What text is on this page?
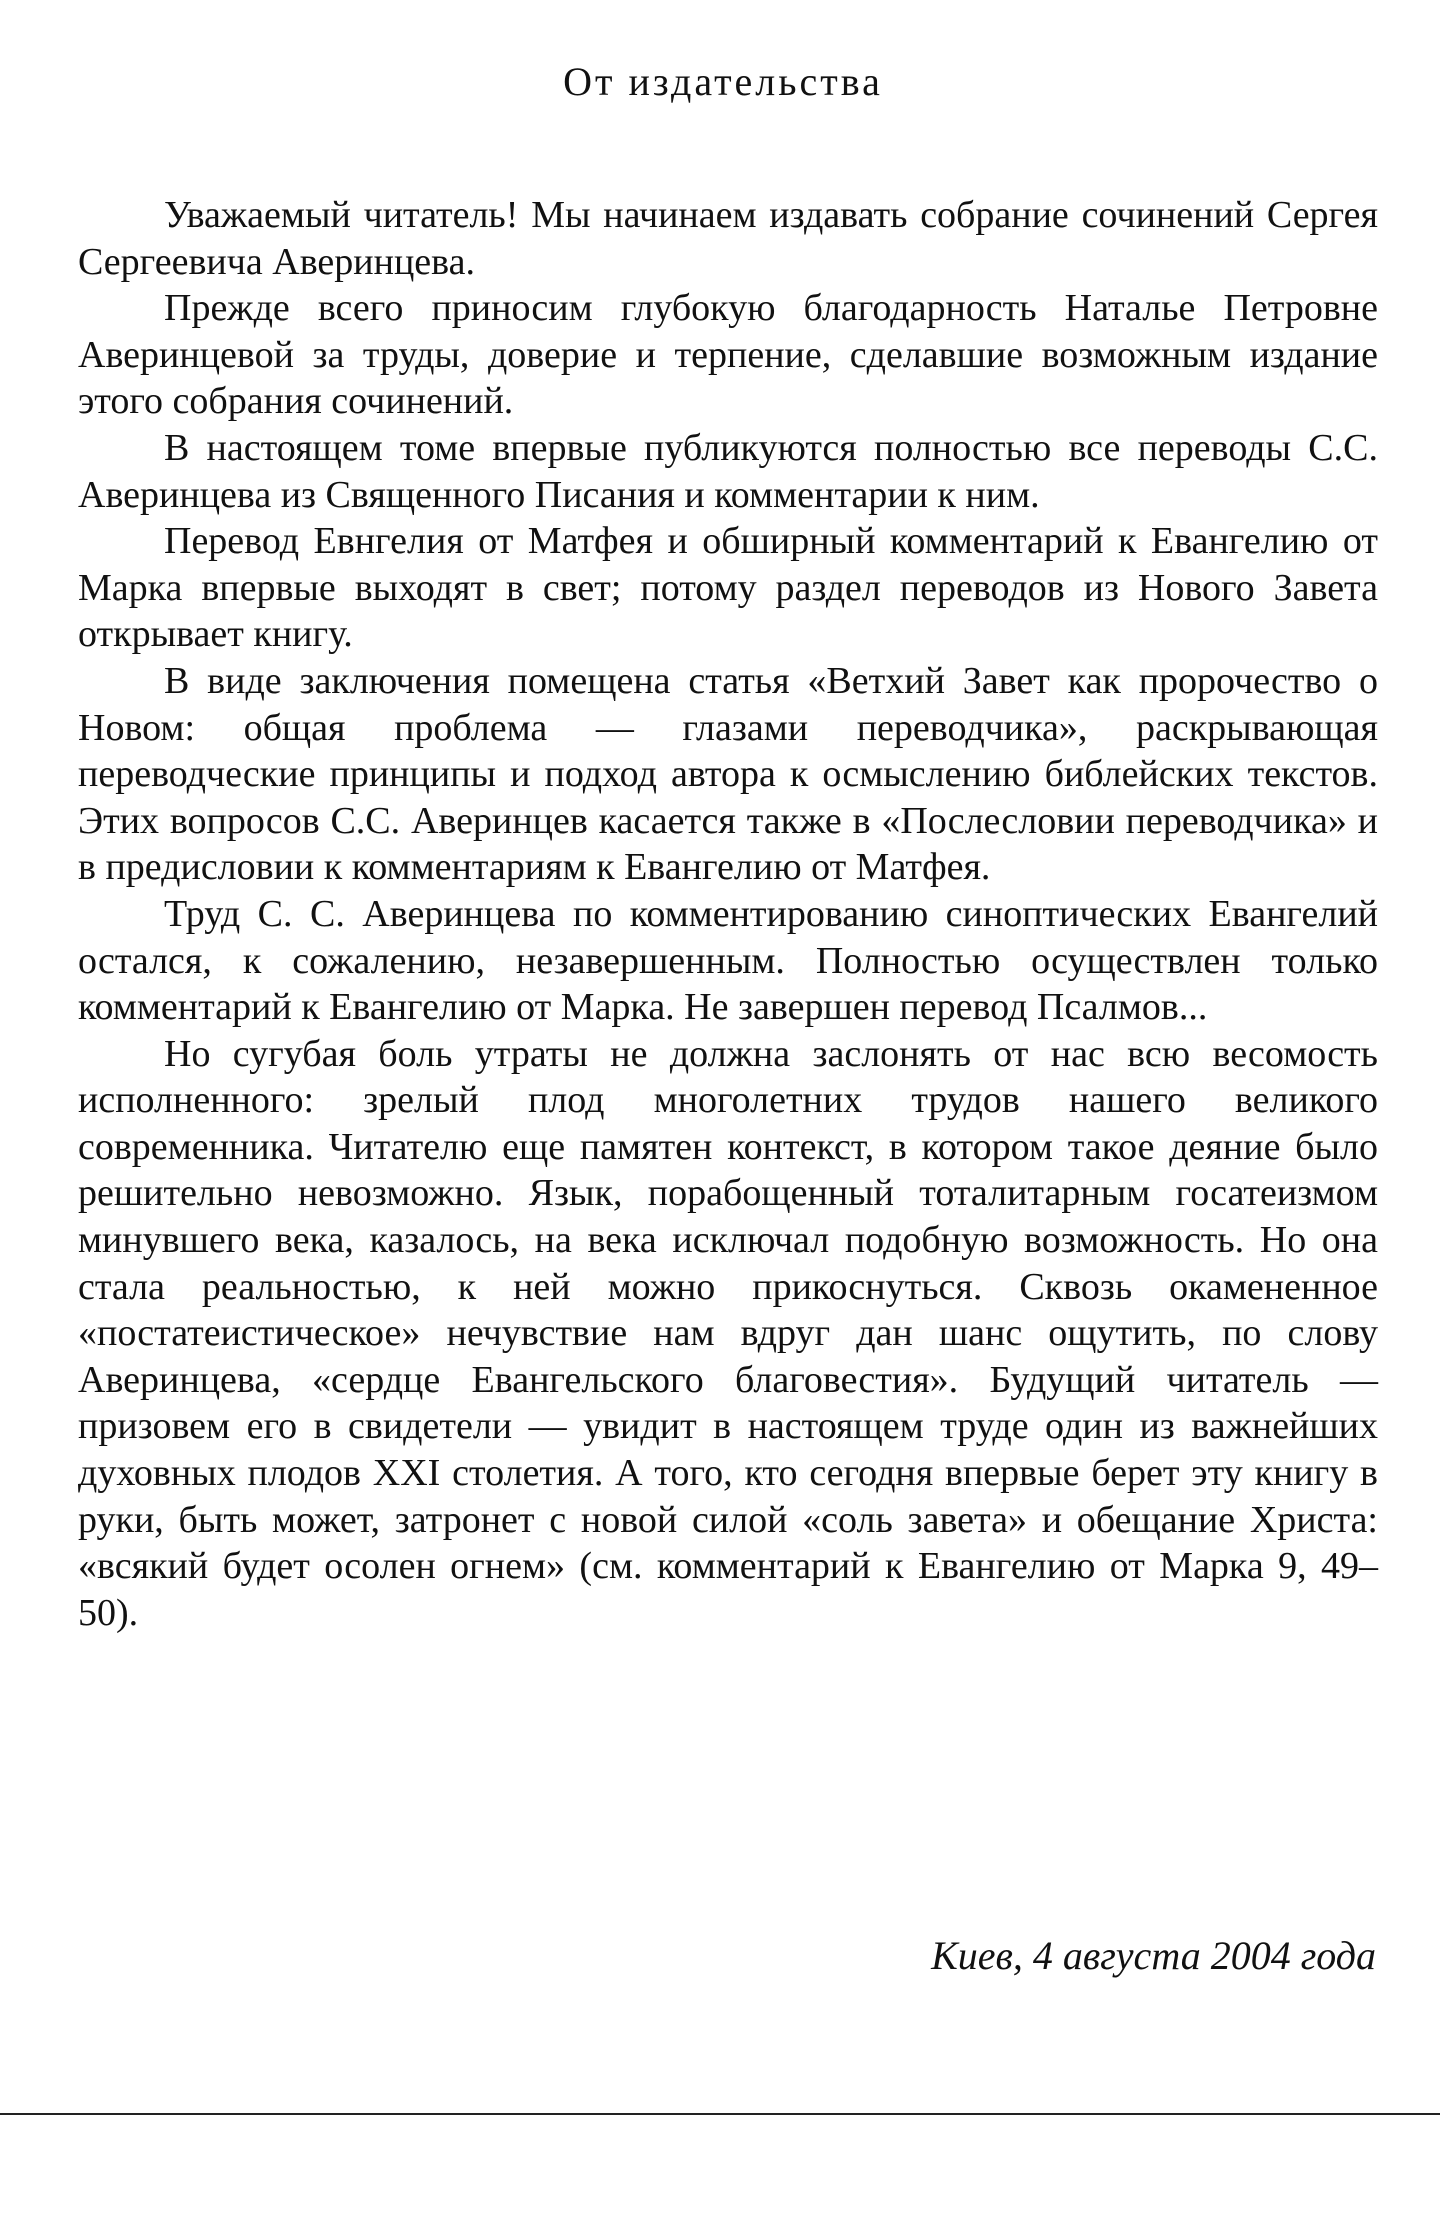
От издательства

Уважаемый читатель! Мы начинаем издавать собрание сочинений Сергея Сергеевича Аверинцева.

Прежде всего приносим глубокую благодарность Наталье Петровне Аверинцевой за труды, доверие и терпение, сделавшие возможным издание этого собрания сочинений.

В настоящем томе впервые публикуются полностью все переводы С.С. Аверинцева из Священного Писания и комментарии к ним.

Перевод Евнгелия от Матфея и обширный комментарий к Евангелию от Марка впервые выходят в свет; потому раздел переводов из Нового Завета открывает книгу.

В виде заключения помещена статья «Ветхий Завет как пророчество о Новом: общая проблема — глазами переводчика», раскрывающая переводческие принципы и подход автора к осмыслению библейских текстов. Этих вопросов С.С. Аверинцев касается также в «Послесловии переводчика» и в предисловии к комментариям к Евангелию от Матфея.

Труд С. С. Аверинцева по комментированию синоптических Евангелий остался, к сожалению, незавершенным. Полностью осуществлен только комментарий к Евангелию от Марка. Не завершен перевод Псалмов...

Но сугубая боль утраты не должна заслонять от нас всю весомость исполненного: зрелый плод многолетних трудов нашего великого современника. Читателю еще памятен контекст, в котором такое деяние было решительно невозможно. Язык, порабощенный тоталитарным госатеизмом минувшего века, казалось, на века исключал подобную возможность. Но она стала реальностью, к ней можно прикоснуться. Сквозь окамененное «постатеистическое» нечувствие нам вдруг дан шанс ощутить, по слову Аверинцева, «сердце Евангельского благовестия». Будущий читатель — призовем его в свидетели — увидит в настоящем труде один из важнейших духовных плодов XXI столетия. А того, кто сегодня впервые берет эту книгу в руки, быть может, затронет с новой силой «соль завета» и обещание Христа: «всякий будет осолен огнем» (см. комментарий к Евангелию от Марка 9, 49–50).

Киев, 4 августа 2004 года
